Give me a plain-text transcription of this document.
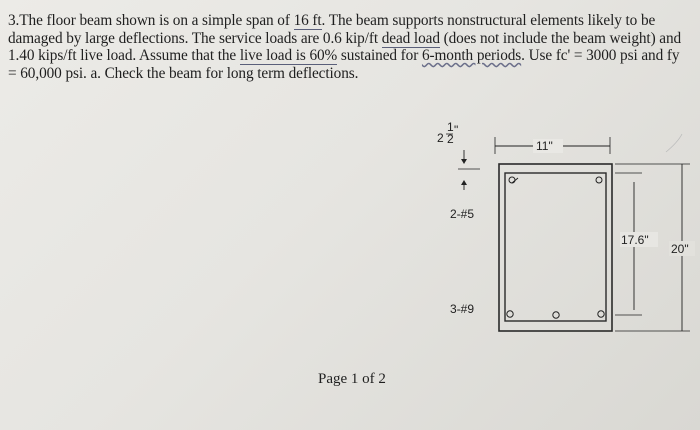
3.The floor beam shown is on a simple span of 16 ft. The beam supports nonstructural elements likely to be damaged by large deflections. The service loads are 0.6 kip/ft dead load (does not include the beam weight) and 1.40 kips/ft live load. Assume that the live load is 60% sustained for 6-month periods. Use fc' = 3000 psi and fy = 60,000 psi. a. Check the beam for long term deflections.

2
1
2
"
11"
2-#5
3-#9
17.6"
20"

Page 1 of 2
